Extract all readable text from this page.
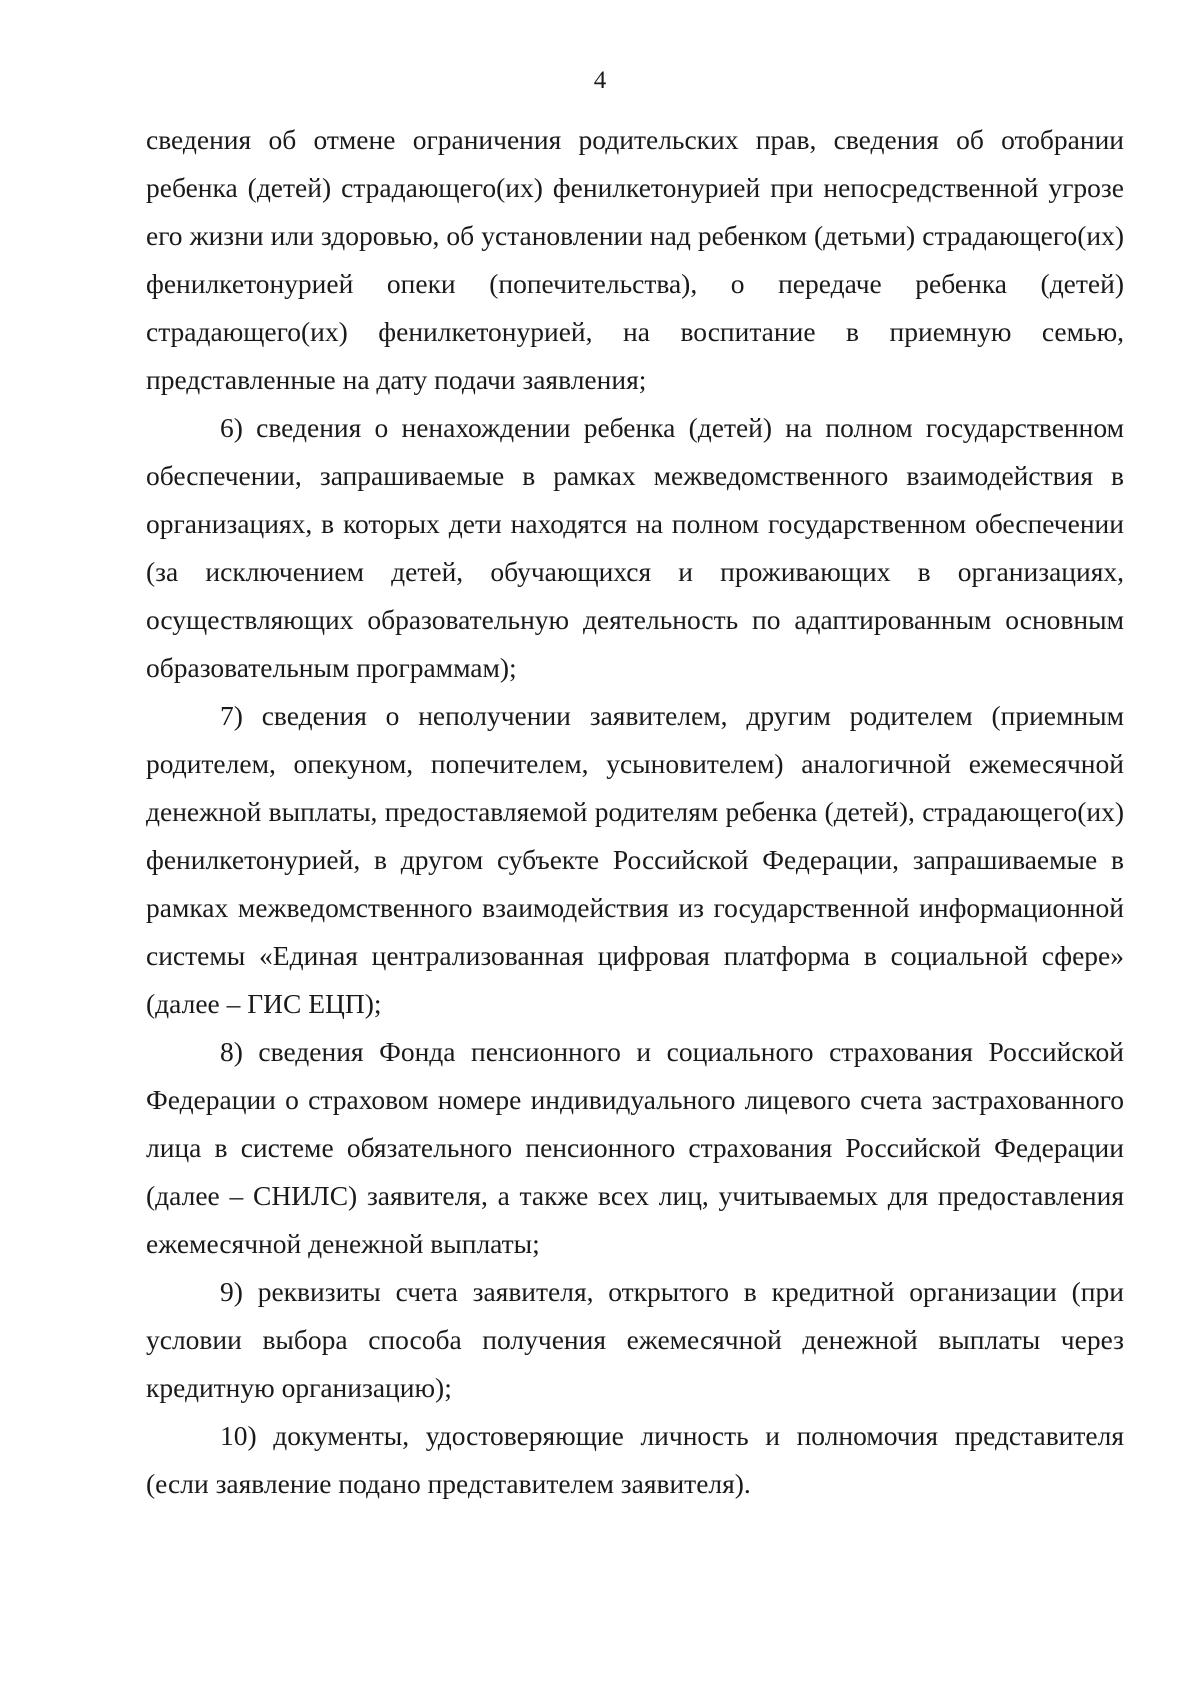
4

сведения об отмене ограничения родительских прав, сведения об отобрании ребенка (детей) страдающего(их) фенилкетонурией при непосредственной угрозе его жизни или здоровью, об установлении над ребенком (детьми) страдающего(их) фенилкетонурией опеки (попечительства), о передаче ребенка (детей) страдающего(их) фенилкетонурией, на воспитание в приемную семью, представленные на дату подачи заявления;

6) сведения о ненахождении ребенка (детей) на полном государственном обеспечении, запрашиваемые в рамках межведомственного взаимодействия в организациях, в которых дети находятся на полном государственном обеспечении (за исключением детей, обучающихся и проживающих в организациях, осуществляющих образовательную деятельность по адаптированным основным образовательным программам);

7) сведения о неполучении заявителем, другим родителем (приемным родителем, опекуном, попечителем, усыновителем) аналогичной ежемесячной денежной выплаты, предоставляемой родителям ребенка (детей), страдающего(их) фенилкетонурией, в другом субъекте Российской Федерации, запрашиваемые в рамках межведомственного взаимодействия из государственной информационной системы «Единая централизованная цифровая платформа в социальной сфере» (далее – ГИС ЕЦП);

8) сведения Фонда пенсионного и социального страхования Российской Федерации о страховом номере индивидуального лицевого счета застрахованного лица в системе обязательного пенсионного страхования Российской Федерации (далее – СНИЛС) заявителя, а также всех лиц, учитываемых для предоставления ежемесячной денежной выплаты;

9) реквизиты счета заявителя, открытого в кредитной организации (при условии выбора способа получения ежемесячной денежной выплаты через кредитную организацию);

10) документы, удостоверяющие личность и полномочия представителя (если заявление подано представителем заявителя).
